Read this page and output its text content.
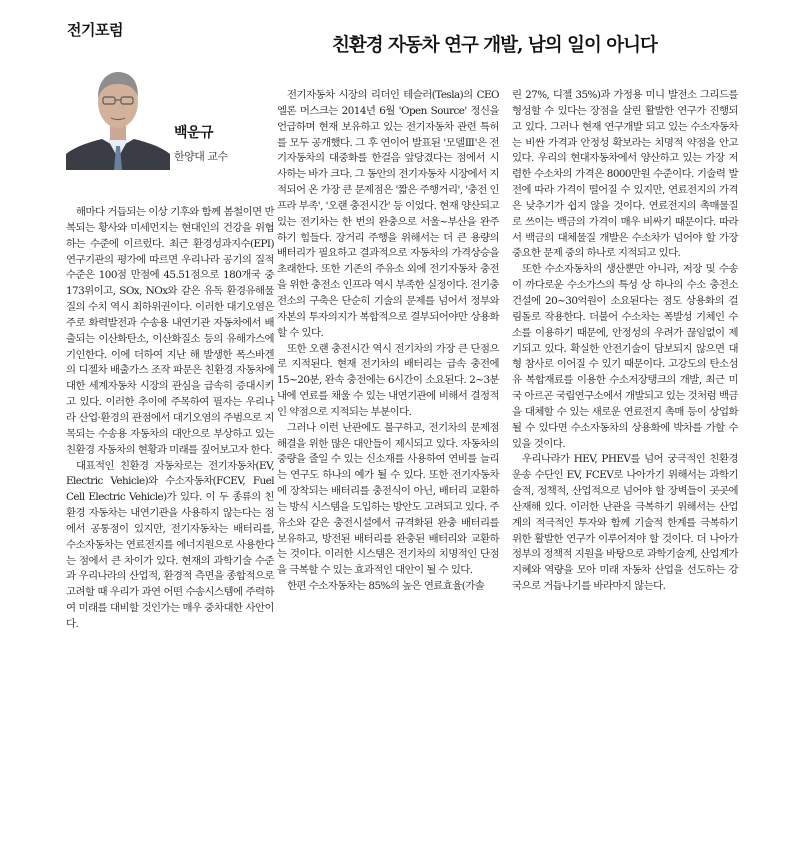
전기포럼
친환경 자동차 연구 개발, 남의 일이 아니다
백운규
한양대 교수

해마다 거듭되는 이상 기후와 함께 봄철이면 반복되는 황사와 미세먼지는 현대인의 건강을 위협하는 수준에 이르렀다. 최근 환경성과지수(EPI) 연구기관의 평가에 따르면 우리나라 공기의 질적 수준은 100점 만점에 45.51점으로 180개국 중 173위이고, SOx, NOx와 같은 유독 환경유해물질의 수치 역시 최하위권이다. 이러한 대기오염은 주로 화력발전과 수송용 내연기관 자동차에서 배출되는 이산화탄소, 이산화질소 등의 유해가스에 기인한다. 이에 더하여 지난 해 발생한 폭스바겐의 디젤차 배출가스 조작 파문은 친환경 자동차에 대한 세계자동차 시장의 관심을 급속히 증대시키고 있다. 이러한 추이에 주목하여 필자는 우리나라 산업·환경의 관점에서 대기오염의 주범으로 지목되는 수송용 자동차의 대안으로 부상하고 있는 친환경 자동차의 현황과 미래를 짚어보고자 한다.

대표적인 친환경 자동차로는 전기자동차(EV, Electric Vehicle)와 수소자동차(FCEV, Fuel Cell Electric Vehicle)가 있다. 이 두 종류의 친환경 자동차는 내연기관을 사용하지 않는다는 점에서 공통점이 있지만, 전기자동차는 배터리를, 수소자동차는 연료전지를 에너지원으로 사용한다는 점에서 큰 차이가 있다. 현재의 과학기술 수준과 우리나라의 산업적, 환경적 측면을 종합적으로 고려할 때 우리가 과연 어떤 수송시스템에 주력하여 미래를 대비할 것인가는 매우 중차대한 사안이다.

전기자동차 시장의 리더인 테슬러(Tesla)의 CEO 엘론 머스크는 2014년 6월 'Open Source' 정신을 언급하며 현재 보유하고 있는 전기자동차 관련 특허를 모두 공개했다. 그 후 연이어 발표된 '모델Ⅲ'은 전기자동차의 대중화를 한걸음 앞당겼다는 점에서 시사하는 바가 크다. 그 동안의 전기자동차 시장에서 지적되어 온 가장 큰 문제점은 '짧은 주행거리', '충전 인프라 부족', '오랜 충전시간' 등 이었다. 현재 양산되고 있는 전기차는 한 번의 완충으로 서울~부산을 완주하기 힘들다. 장거리 주행을 위해서는 더 큰 용량의 배터리가 필요하고 결과적으로 자동차의 가격상승을 초래한다. 또한 기존의 주유소 외에 전기자동차 충전을 위한 충전소 인프라 역시 부족한 실정이다. 전기충전소의 구축은 단순히 기술의 문제를 넘어서 정부와 자본의 투자의지가 복합적으로 결부되어야만 상용화 할 수 있다.

또한 오랜 충전시간 역시 전기차의 가장 큰 단점으로 지적된다. 현재 전기차의 배터리는 급속 충전에 15~20분, 완속 충전에는 6시간이 소요된다. 2~3분 내에 연료를 채울 수 있는 내연기관에 비해서 결정적인 약점으로 지적되는 부분이다.

그러나 이런 난관에도 불구하고, 전기차의 문제점 해결을 위한 많은 대안들이 제시되고 있다. 자동차의 중량을 줄일 수 있는 신소재를 사용하여 연비를 늘리는 연구도 하나의 예가 될 수 있다. 또한 전기자동차에 장착되는 배터리를 충전식이 아닌, 배터리 교환하는 방식 시스템을 도입하는 방안도 고려되고 있다. 주유소와 같은 충전시설에서 규격화된 완충 배터리를 보유하고, 방전된 배터리를 완충된 배터리와 교환하는 것이다. 이러한 시스템은 전기차의 치명적인 단점을 극복할 수 있는 효과적인 대안이 될 수 있다.

한편 수소자동차는 85%의 높은 연료효율(가솔

린 27%, 디젤 35%)과 가정용 미니 발전소 그리드를 형성할 수 있다는 장점을 살린 활발한 연구가 진행되고 있다. 그러나 현재 연구개발 되고 있는 수소자동차는 비싼 가격과 안정성 확보라는 치명적 약점을 안고 있다. 우리의 현대자동차에서 양산하고 있는 가장 저렴한 수소차의 가격은 8000만원 수준이다. 기술력 발전에 따라 가격이 떨어질 수 있지만, 연료전지의 가격은 낮추기가 쉽지 않을 것이다. 연료전지의 촉매물질로 쓰이는 백금의 가격이 매우 비싸기 때문이다. 따라서 백금의 대체물질 개발은 수소차가 넘어야 할 가장 중요한 문제 중의 하나로 지적되고 있다.

또한 수소자동차의 생산뿐만 아니라, 저장 및 수송이 까다로운 수소가스의 특성 상 하나의 수소 충전소 건설에 20~30억원이 소요된다는 점도 상용화의 걸림돌로 작용한다. 더불어 수소차는 폭발성 기체인 수소를 이용하기 때문에, 안정성의 우려가 끊임없이 제기되고 있다. 확실한 안전기술이 담보되지 않으면 대형 참사로 이어질 수 있기 때문이다. 고강도의 탄소섬유 복합재료를 이용한 수소저장탱크의 개발, 최근 미국 아르곤 국립연구소에서 개발되고 있는 것처럼 백금을 대체할 수 있는 새로운 연료전지 촉매 등이 상업화 될 수 있다면 수소자동차의 상용화에 박차를 가할 수 있을 것이다.

우리나라가 HEV, PHEV를 넘어 궁극적인 친환경 운송 수단인 EV, FCEV로 나아가기 위해서는 과학기술적, 정책적, 산업적으로 넘어야 할 장벽들이 곳곳에 산재해 있다. 이러한 난관을 극복하기 위해서는 산업계의 적극적인 투자와 함께 기술적 한계를 극복하기 위한 활발한 연구가 이루어져야 할 것이다. 더 나아가 정부의 정책적 지원을 바탕으로 과학기술계, 산업계가 지혜와 역량을 모아 미래 자동차 산업을 선도하는 강국으로 거듭나기를 바라마지 않는다.
